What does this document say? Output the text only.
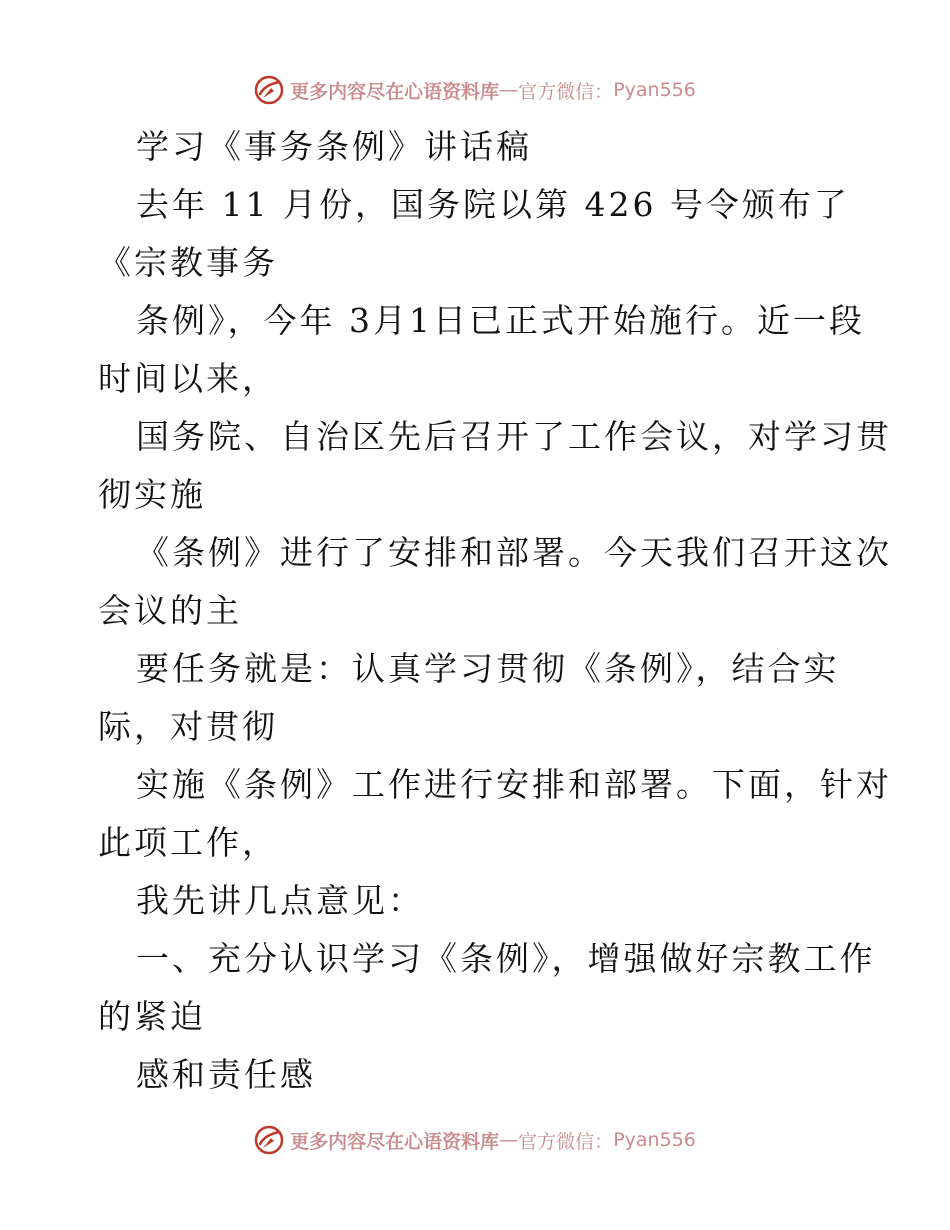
更多内容尽在心语资料库 — 官方微信： Pyan556
学习《事务条例》讲话稿
去年 11 月份，国务院以第 426 号令颁布了
《宗教事务
条例》，今年 3月1日已正式开始施行。近一段
时间以来，
国务院、自治区先后召开了工作会议，对学习贯
彻实施
《条例》进行了安排和部署。今天我们召开这次
会议的主
要任务就是：认真学习贯彻《条例》，结合实
际，对贯彻
实施《条例》工作进行安排和部署。下面，针对
此项工作，
我先讲几点意见：
一、充分认识学习《条例》，增强做好宗教工作
的紧迫
感和责任感
更多内容尽在心语资料库 — 官方微信： Pyan556
